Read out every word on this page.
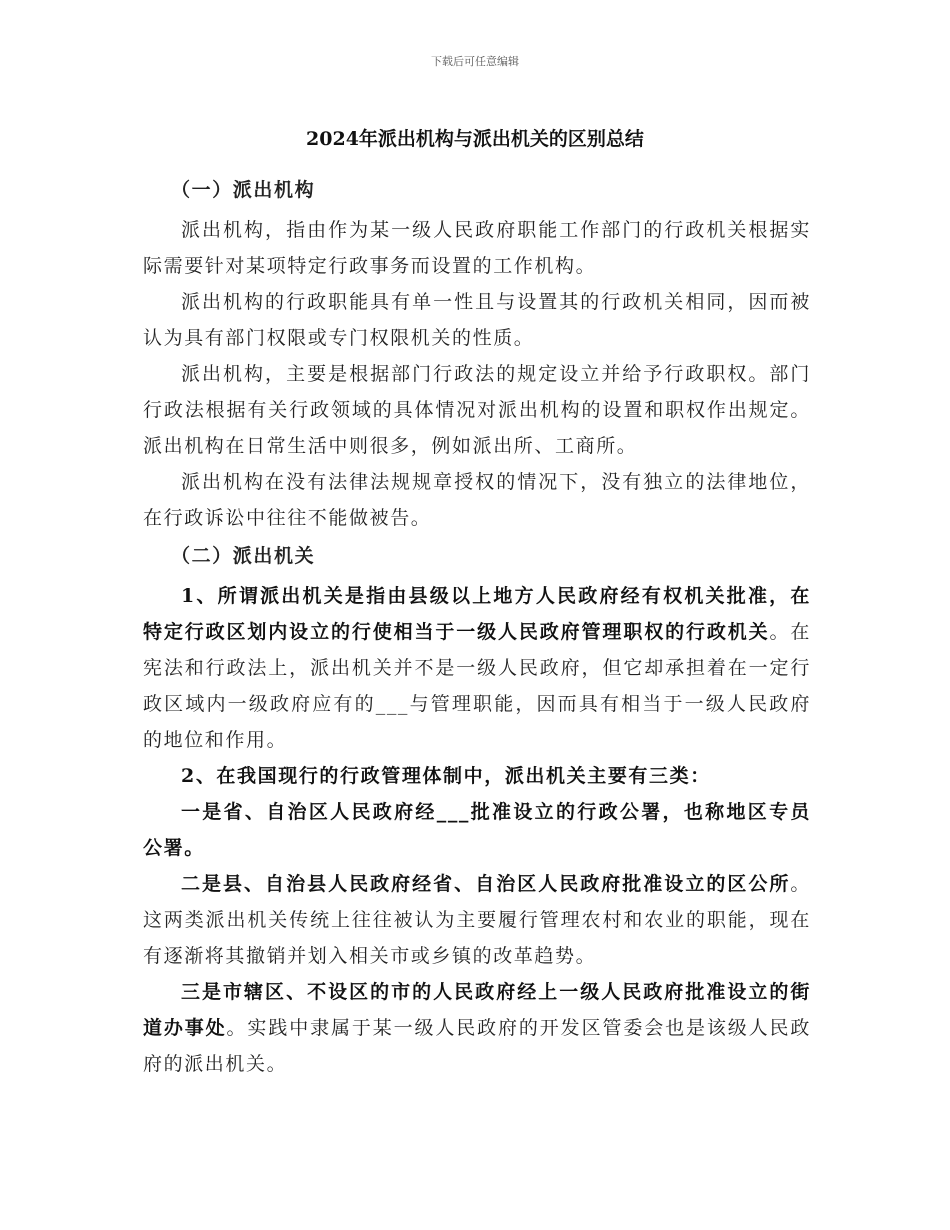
下载后可任意编辑
2024年派出机构与派出机关的区别总结

（一）派出机构

派出机构，指由作为某一级人民政府职能工作部门的行政机关根据实际需要针对某项特定行政事务而设置的工作机构。

派出机构的行政职能具有单一性且与设置其的行政机关相同，因而被认为具有部门权限或专门权限机关的性质。

派出机构，主要是根据部门行政法的规定设立并给予行政职权。部门行政法根据有关行政领域的具体情况对派出机构的设置和职权作出规定。派出机构在日常生活中则很多，例如派出所、工商所。

派出机构在没有法律法规规章授权的情况下，没有独立的法律地位，在行政诉讼中往往不能做被告。

（二）派出机关

1、所谓派出机关是指由县级以上地方人民政府经有权机关批准，在特定行政区划内设立的行使相当于一级人民政府管理职权的行政机关。在宪法和行政法上，派出机关并不是一级人民政府，但它却承担着在一定行政区域内一级政府应有的___与管理职能，因而具有相当于一级人民政府的地位和作用。

2、在我国现行的行政管理体制中，派出机关主要有三类：

一是省、自治区人民政府经___批准设立的行政公署，也称地区专员公署。

二是县、自治县人民政府经省、自治区人民政府批准设立的区公所。这两类派出机关传统上往往被认为主要履行管理农村和农业的职能，现在有逐渐将其撤销并划入相关市或乡镇的改革趋势。

三是市辖区、不设区的市的人民政府经上一级人民政府批准设立的街道办事处。实践中隶属于某一级人民政府的开发区管委会也是该级人民政府的派出机关。
